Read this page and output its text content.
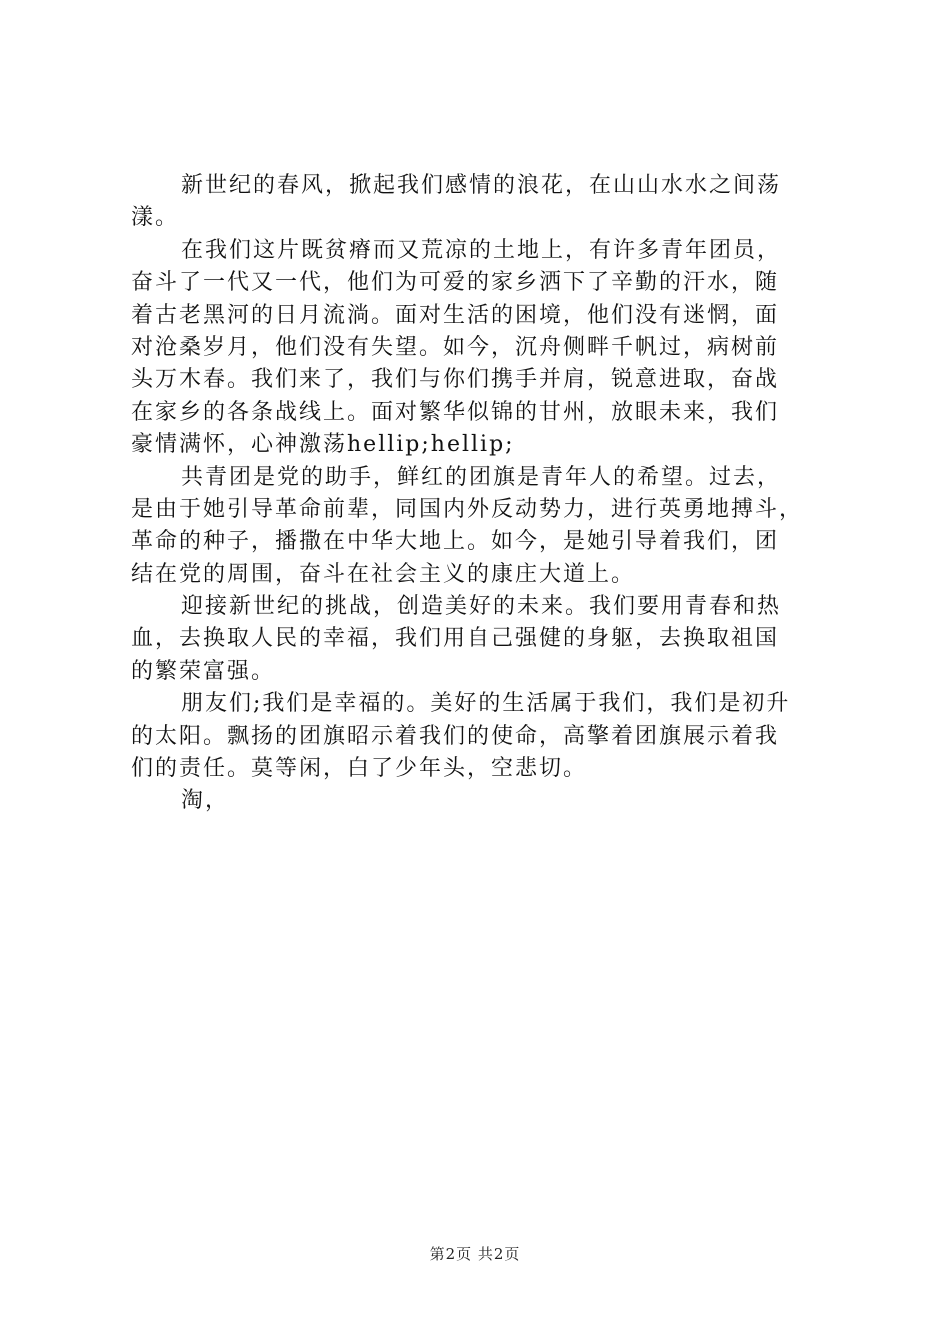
新世纪的春风，掀起我们感情的浪花，在山山水水之间荡
漾。
在我们这片既贫瘠而又荒凉的土地上，有许多青年团员，
奋斗了一代又一代，他们为可爱的家乡洒下了辛勤的汗水，随
着古老黑河的日月流淌。面对生活的困境，他们没有迷惘，面
对沧桑岁月，他们没有失望。如今，沉舟侧畔千帆过，病树前
头万木春。我们来了，我们与你们携手并肩，锐意进取，奋战
在家乡的各条战线上。面对繁华似锦的甘州，放眼未来，我们
豪情满怀，心神激荡hellip;hellip;
共青团是党的助手，鲜红的团旗是青年人的希望。过去，
是由于她引导革命前辈，同国内外反动势力，进行英勇地搏斗，
革命的种子，播撒在中华大地上。如今，是她引导着我们，团
结在党的周围，奋斗在社会主义的康庄大道上。
迎接新世纪的挑战，创造美好的未来。我们要用青春和热
血，去换取人民的幸福，我们用自己强健的身躯，去换取祖国
的繁荣富强。
朋友们;我们是幸福的。美好的生活属于我们，我们是初升
的太阳。飘扬的团旗昭示着我们的使命，高擎着团旗展示着我
们的责任。莫等闲，白了少年头，空悲切。
淘，
第2页 共2页
